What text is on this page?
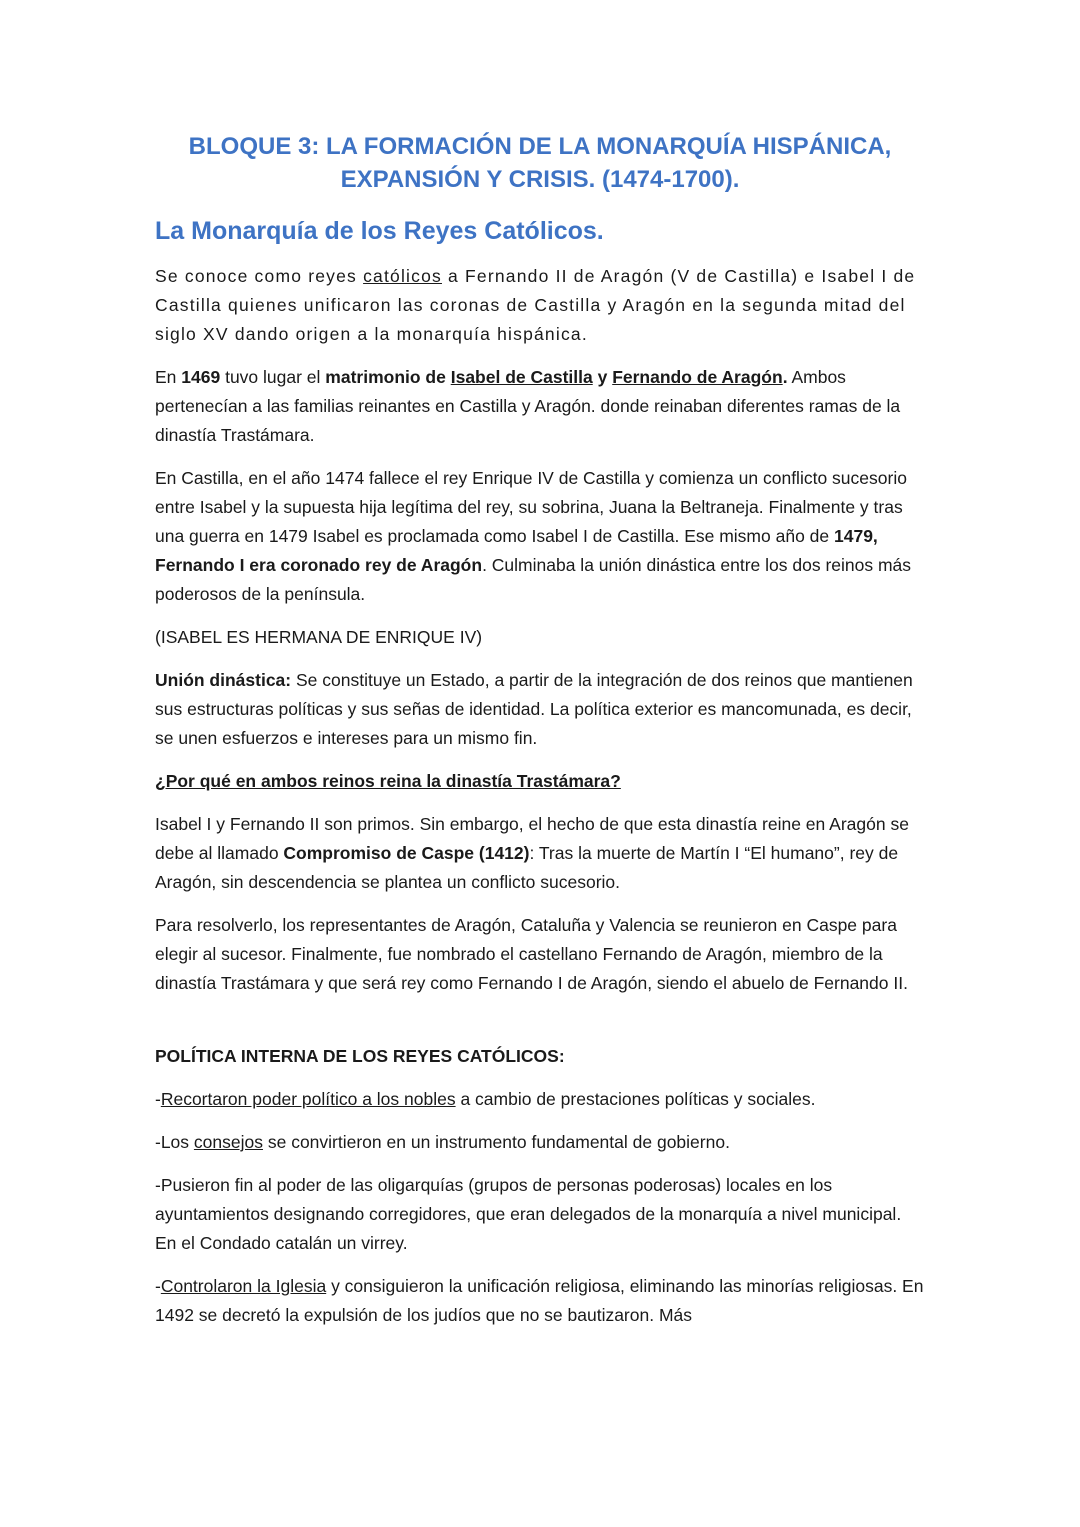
BLOQUE 3: LA FORMACIÓN DE LA MONARQUÍA HISPÁNICA,
EXPANSIÓN Y CRISIS. (1474-1700).
La Monarquía de los Reyes Católicos.

Se conoce como reyes católicos a Fernando II de Aragón (V de Castilla) e Isabel I de Castilla quienes unificaron las coronas de Castilla y Aragón en la segunda mitad del siglo XV dando origen a la monarquía hispánica.

En 1469 tuvo lugar el matrimonio de Isabel de Castilla y Fernando de Aragón. Ambos pertenecían a las familias reinantes en Castilla y Aragón. donde reinaban diferentes ramas de la dinastía Trastámara.

En Castilla, en el año 1474 fallece el rey Enrique IV de Castilla y comienza un conflicto sucesorio entre Isabel y la supuesta hija legítima del rey, su sobrina, Juana la Beltraneja. Finalmente y tras una guerra en 1479 Isabel es proclamada como Isabel I de Castilla. Ese mismo año de 1479, Fernando I era coronado rey de Aragón. Culminaba la unión dinástica entre los dos reinos más poderosos de la península.

(ISABEL ES HERMANA DE ENRIQUE IV)

Unión dinástica: Se constituye un Estado, a partir de la integración de dos reinos que mantienen sus estructuras políticas y sus señas de identidad. La política exterior es mancomunada, es decir, se unen esfuerzos e intereses para un mismo fin.

¿Por qué en ambos reinos reina la dinastía Trastámara?

Isabel I y Fernando II son primos. Sin embargo, el hecho de que esta dinastía reine en Aragón se debe al llamado Compromiso de Caspe (1412): Tras la muerte de Martín I “El humano”, rey de Aragón, sin descendencia se plantea un conflicto sucesorio.

Para resolverlo, los representantes de Aragón, Cataluña y Valencia se reunieron en Caspe para elegir al sucesor. Finalmente, fue nombrado el castellano Fernando de Aragón, miembro de la dinastía Trastámara y que será rey como Fernando I de Aragón, siendo el abuelo de Fernando II.

POLÍTICA INTERNA DE LOS REYES CATÓLICOS:

-Recortaron poder político a los nobles a cambio de prestaciones políticas y sociales.

-Los consejos se convirtieron en un instrumento fundamental de gobierno.

-Pusieron fin al poder de las oligarquías (grupos de personas poderosas) locales en los ayuntamientos designando corregidores, que eran delegados de la monarquía a nivel municipal. En el Condado catalán un virrey.

-Controlaron la Iglesia y consiguieron la unificación religiosa, eliminando las minorías religiosas. En 1492 se decretó la expulsión de los judíos que no se bautizaron. Más
